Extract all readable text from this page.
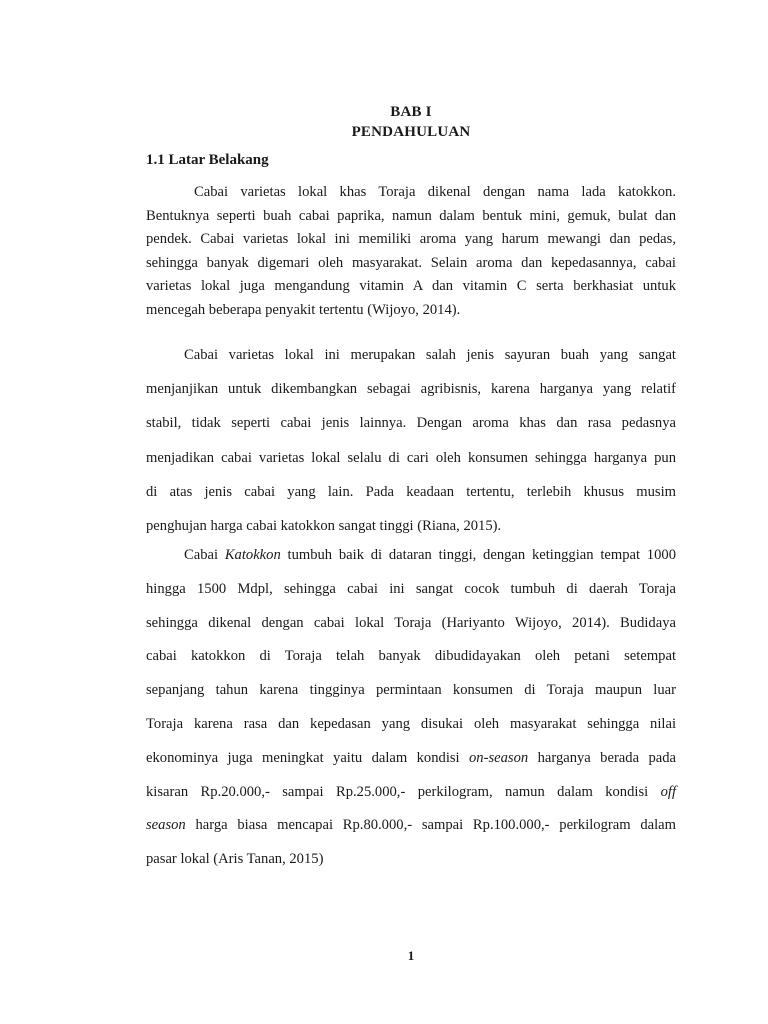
BAB I
PENDAHULUAN
1.1 Latar Belakang
Cabai varietas lokal khas Toraja dikenal dengan nama lada katokkon.
Bentuknya seperti buah cabai paprika, namun dalam bentuk mini, gemuk, bulat dan
pendek. Cabai varietas lokal ini memiliki aroma yang harum mewangi dan pedas,
sehingga banyak digemari oleh masyarakat. Selain aroma dan kepedasannya, cabai
varietas lokal juga mengandung vitamin A dan vitamin C serta berkhasiat untuk
mencegah beberapa penyakit tertentu (Wijoyo, 2014).
Cabai varietas lokal ini merupakan salah jenis sayuran buah yang sangat
menjanjikan untuk dikembangkan sebagai agribisnis, karena harganya yang relatif
stabil, tidak seperti cabai jenis lainnya. Dengan aroma khas dan rasa pedasnya
menjadikan cabai varietas lokal selalu di cari oleh konsumen sehingga harganya pun
di atas jenis cabai yang lain. Pada keadaan tertentu, terlebih khusus musim
penghujan harga cabai katokkon sangat tinggi (Riana, 2015).
Cabai Katokkon tumbuh baik di dataran tinggi, dengan ketinggian tempat 1000
hingga 1500 Mdpl, sehingga cabai ini sangat cocok tumbuh di daerah Toraja
sehingga dikenal dengan cabai lokal Toraja (Hariyanto Wijoyo, 2014). Budidaya
cabai katokkon di Toraja telah banyak dibudidayakan oleh petani setempat
sepanjang tahun karena tingginya permintaan konsumen di Toraja maupun luar
Toraja karena rasa dan kepedasan yang disukai oleh masyarakat sehingga nilai
ekonominya juga meningkat yaitu dalam kondisi on-season harganya berada pada
kisaran Rp.20.000,- sampai Rp.25.000,- perkilogram, namun dalam kondisi off
season harga biasa mencapai Rp.80.000,- sampai Rp.100.000,- perkilogram dalam
pasar lokal (Aris Tanan, 2015)
1
